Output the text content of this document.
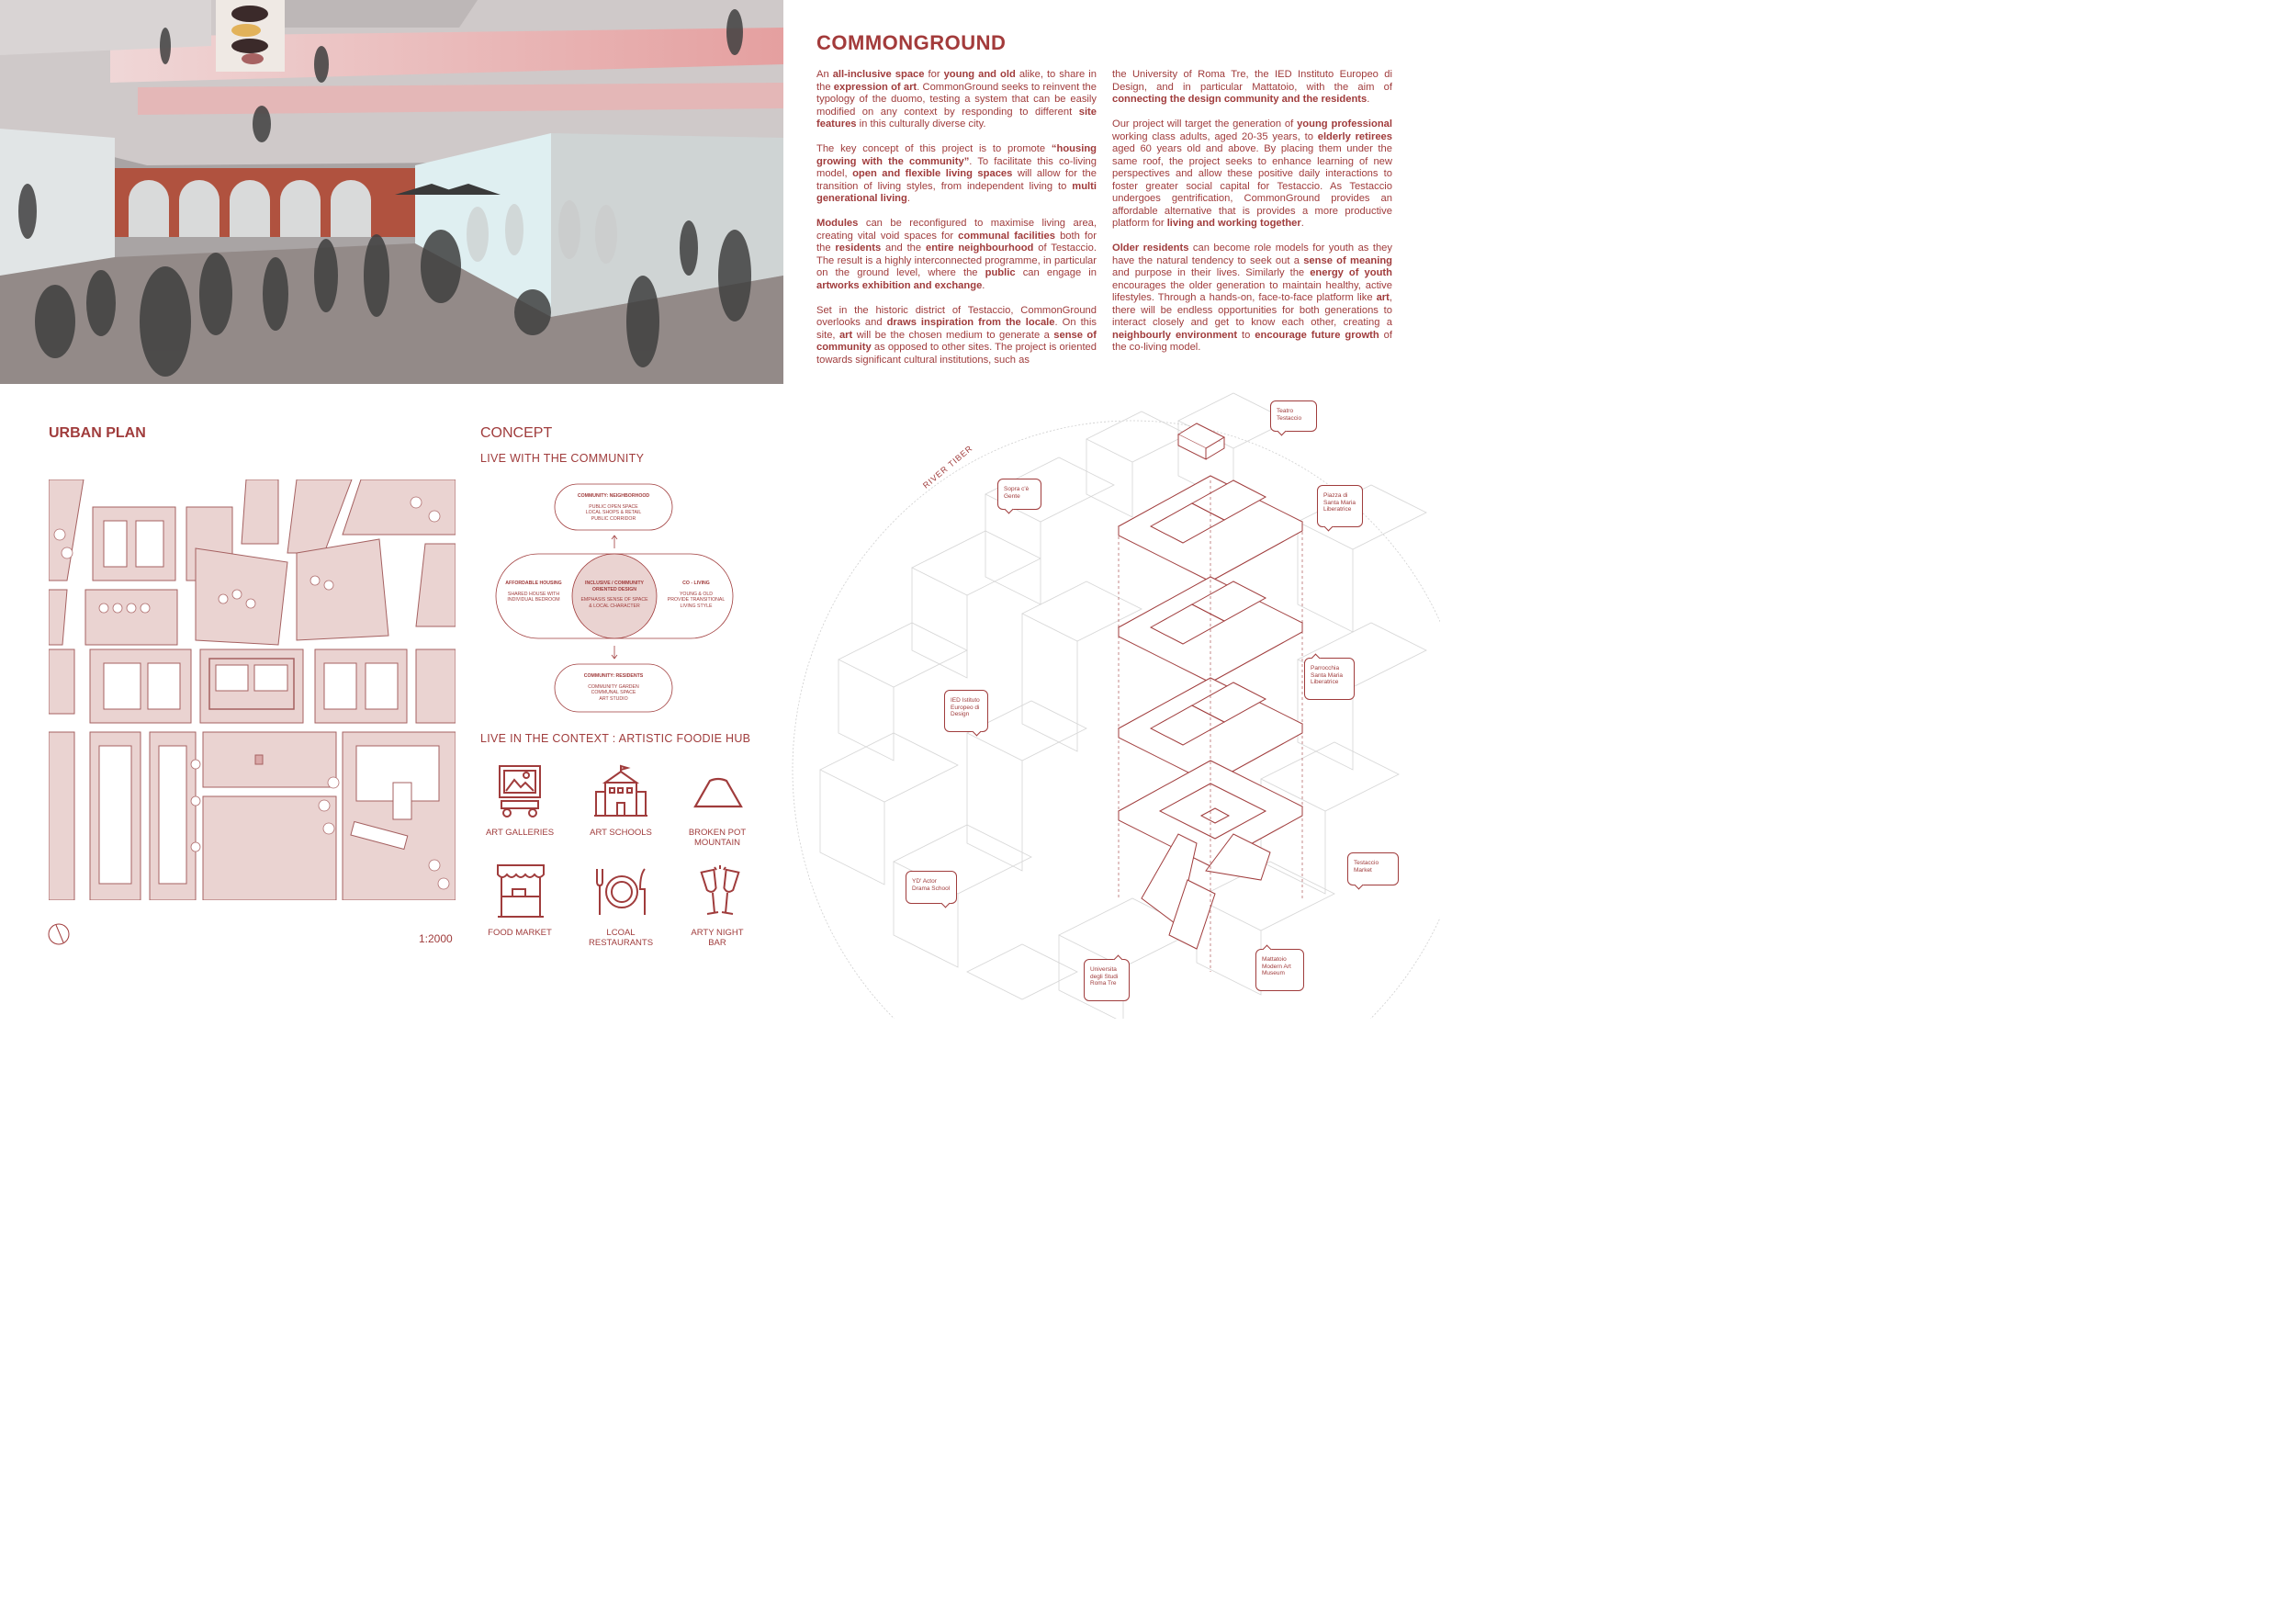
COMMONGROUND

An all-inclusive space for young and old alike, to share in the expression of art. CommonGround seeks to reinvent the typology of the duomo, testing a system that can be easily modified on any context by responding to different site features in this culturally diverse city.

The key concept of this project is to promote “housing growing with the community”. To facilitate this co-living model, open and flexible living spaces will allow for the transition of living styles, from independent living to multi generational living.

Modules can be reconfigured to maximise living area, creating vital void spaces for communal facilities both for the residents and the entire neighbourhood of Testaccio. The result is a highly interconnected programme, in particular on the ground level, where the public can engage in artworks exhibition and exchange.

Set in the historic district of Testaccio, CommonGround overlooks and draws inspiration from the locale. On this site, art will be the chosen medium to generate a sense of community as opposed to other sites. The project is oriented towards significant cultural institutions, such as

the University of Roma Tre, the IED Instituto Europeo di Design, and in particular Mattatoio, with the aim of connecting the design community and the residents.

Our project will target the generation of young professional working class adults, aged 20-35 years, to elderly retirees aged 60 years old and above. By placing them under the same roof, the project seeks to enhance learning of new perspectives and allow these positive daily interactions to foster greater social capital for Testaccio. As Testaccio undergoes gentrification, CommonGround provides an affordable alternative that is provides a more productive platform for living and working together.

Older residents can become role models for youth as they have the natural tendency to seek out a sense of meaning and purpose in their lives. Similarly the energy of youth encourages the older generation to maintain healthy, active lifestyles. Through a hands-on, face-to-face platform like art, there will be endless opportunities for both generations to interact closely and get to know each other, creating a neighbourly environment to encourage future growth of the co-living model.

URBAN PLAN
1:2000
CONCEPT
LIVE WITH THE COMMUNITY
COMMUNITY: NEIGHBORHOOD
PUBLIC OPEN SPACE
LOCAL SHOPS & RETAIL
PUBLIC CORRIDOR
AFFORDABLE HOUSING
SHARED HOUSE WITH
INDIVIDUAL BEDROOM
INCLUSIVE / COMMUNITY ORIENTED DESIGN
EMPHASIS SENSE OF SPACE
& LOCAL CHARACTER
CO - LIVING
YOUNG & OLD
PROVIDE TRANSITIONAL
LIVING STYLE
COMMUNITY: RESIDENTS
COMMUNITY GARDEN
COMMUNAL SPACE
ART STUDIO
LIVE IN THE CONTEXT : ARTISTIC FOODIE HUB
ART GALLERIES	ART SCHOOLS	BROKEN POT MOUNTAIN
FOOD MARKET	LCOAL RESTAURANTS
ARTY NIGHT BAR
RIVER TIBER
Teatro Testaccio
Sopra c'è Gente	Piazza di Santa Maria Liberatrice
Parrocchia Santa Maria Liberatrice
IED Istituto Europeo di Design
YD' Actor Drama School
Testaccio Market
Mattatoio Modern Art Museum
Universita degli Studi Roma Tre
